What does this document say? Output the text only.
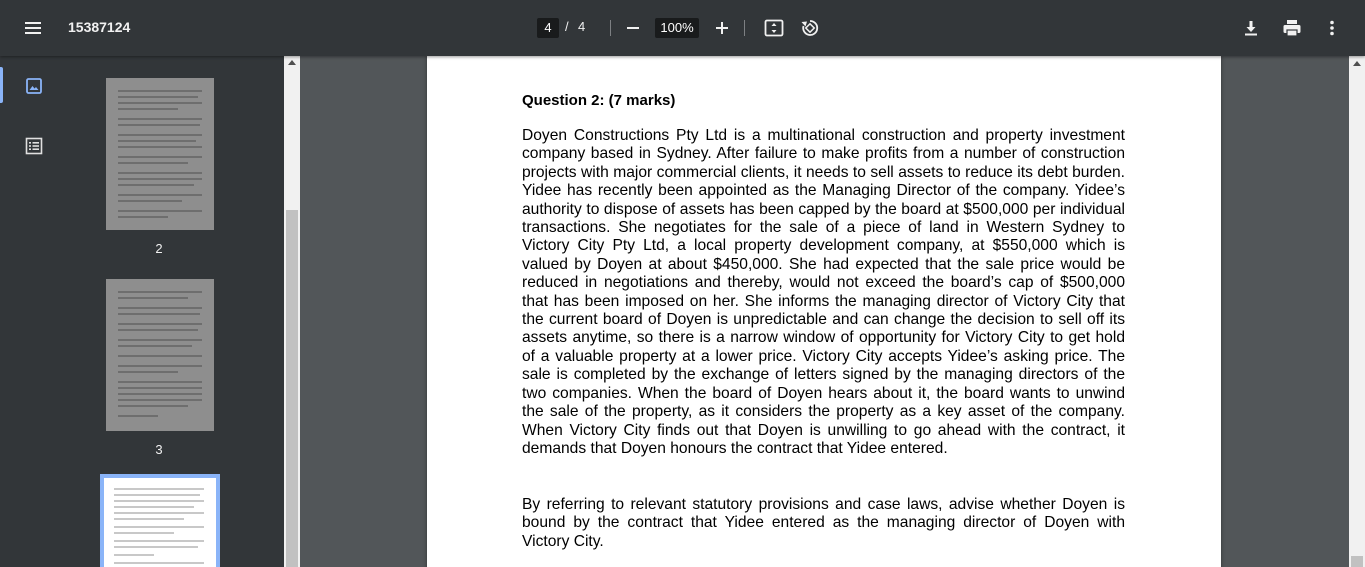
15387124	4	/ 4	100%
2
3
Question 2: (7 marks)
Doyen Constructions Pty Ltd is a multinational construction and property investment company based in Sydney. After failure to make profits from a number of construction projects with major commercial clients, it needs to sell assets to reduce its debt burden. Yidee has recently been appointed as the Managing Director of the company. Yidee’s authority to dispose of assets has been capped by the board at $500,000 per individual transactions. She negotiates for the sale of a piece of land in Western Sydney to Victory City Pty Ltd, a local property development company, at $550,000 which is valued by Doyen at about $450,000. She had expected that the sale price would be reduced in negotiations and thereby, would not exceed the board’s cap of $500,000 that has been imposed on her. She informs the managing director of Victory City that the current board of Doyen is unpredictable and can change the decision to sell off its assets anytime, so there is a narrow window of opportunity for Victory City to get hold of a valuable property at a lower price. Victory City accepts Yidee’s asking price. The sale is completed by the exchange of letters signed by the managing directors of the two companies. When the board of Doyen hears about it, the board wants to unwind the sale of the property, as it considers the property as a key asset of the company. When Victory City finds out that Doyen is unwilling to go ahead with the contract, it demands that Doyen honours the contract that Yidee entered.
By referring to relevant statutory provisions and case laws, advise whether Doyen is bound by the contract that Yidee entered as the managing director of Doyen with Victory City.
